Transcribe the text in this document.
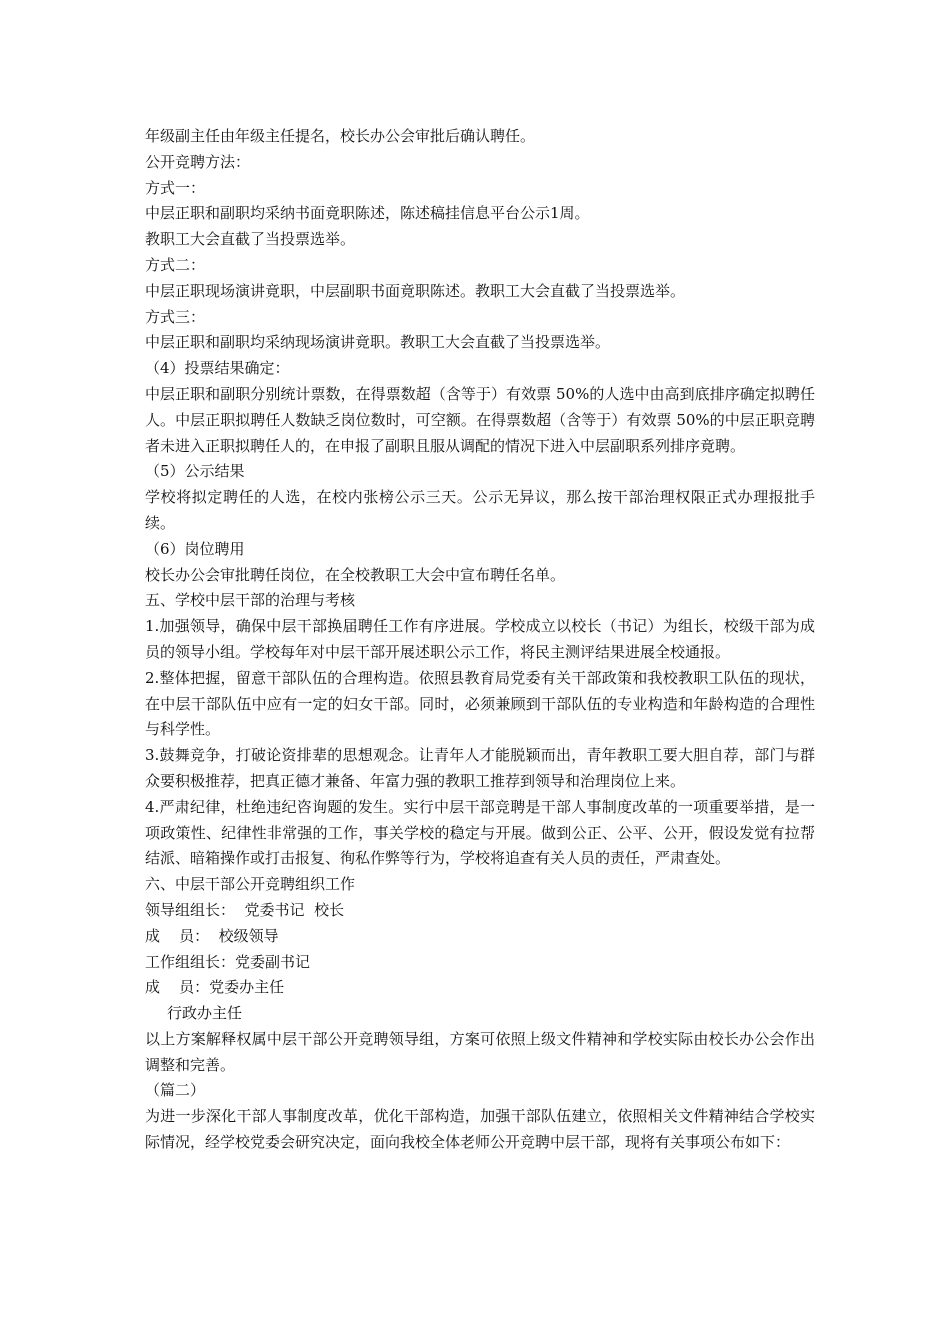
年级副主任由年级主任提名，校长办公会审批后确认聘任。

公开竞聘方法：

方式一：

中层正职和副职均采纳书面竟职陈述，陈述稿挂信息平台公示1周。

教职工大会直截了当投票选举。

方式二：

中层正职现场演讲竟职，中层副职书面竟职陈述。教职工大会直截了当投票选举。

方式三：

中层正职和副职均采纳现场演讲竟职。教职工大会直截了当投票选举。

（4）投票结果确定：

中层正职和副职分别统计票数，在得票数超（含等于）有效票 50%的人选中由高到底排序确定拟聘任人。中层正职拟聘任人数缺乏岗位数时，可空额。在得票数超（含等于）有效票 50%的中层正职竞聘者未进入正职拟聘任人的，在申报了副职且服从调配的情况下进入中层副职系列排序竟聘。

（5）公示结果

学校将拟定聘任的人选，在校内张榜公示三天。公示无异议，那么按干部治理权限正式办理报批手续。

（6）岗位聘用

校长办公会审批聘任岗位，在全校教职工大会中宣布聘任名单。

五、学校中层干部的治理与考核

1.加强领导，确保中层干部换届聘任工作有序进展。学校成立以校长（书记）为组长，校级干部为成员的领导小组。学校每年对中层干部开展述职公示工作，将民主测评结果进展全校通报。

2.整体把握，留意干部队伍的合理构造。依照县教育局党委有关干部政策和我校教职工队伍的现状，在中层干部队伍中应有一定的妇女干部。同时，必须兼顾到干部队伍的专业构造和年龄构造的合理性与科学性。

3.鼓舞竞争，打破论资排辈的思想观念。让青年人才能脱颖而出，青年教职工要大胆自荐，部门与群众要积极推荐，把真正德才兼备、年富力强的教职工推荐到领导和治理岗位上来。

4.严肃纪律，杜绝违纪咨询题的发生。实行中层干部竞聘是干部人事制度改革的一项重要举措，是一项政策性、纪律性非常强的工作，事关学校的稳定与开展。做到公正、公平、公开，假设发觉有拉帮结派、暗箱操作或打击报复、徇私作弊等行为，学校将追查有关人员的责任，严肃查处。

六、中层干部公开竞聘组织工作

领导组组长：  党委书记  校长

成    员：  校级领导

工作组组长：党委副书记

成    员：党委办主任

行政办主任

以上方案解释权属中层干部公开竞聘领导组，方案可依照上级文件精神和学校实际由校长办公会作出调整和完善。

（篇二）

为进一步深化干部人事制度改革，优化干部构造，加强干部队伍建立，依照相关文件精神结合学校实际情况，经学校党委会研究决定，面向我校全体老师公开竞聘中层干部，现将有关事项公布如下：
